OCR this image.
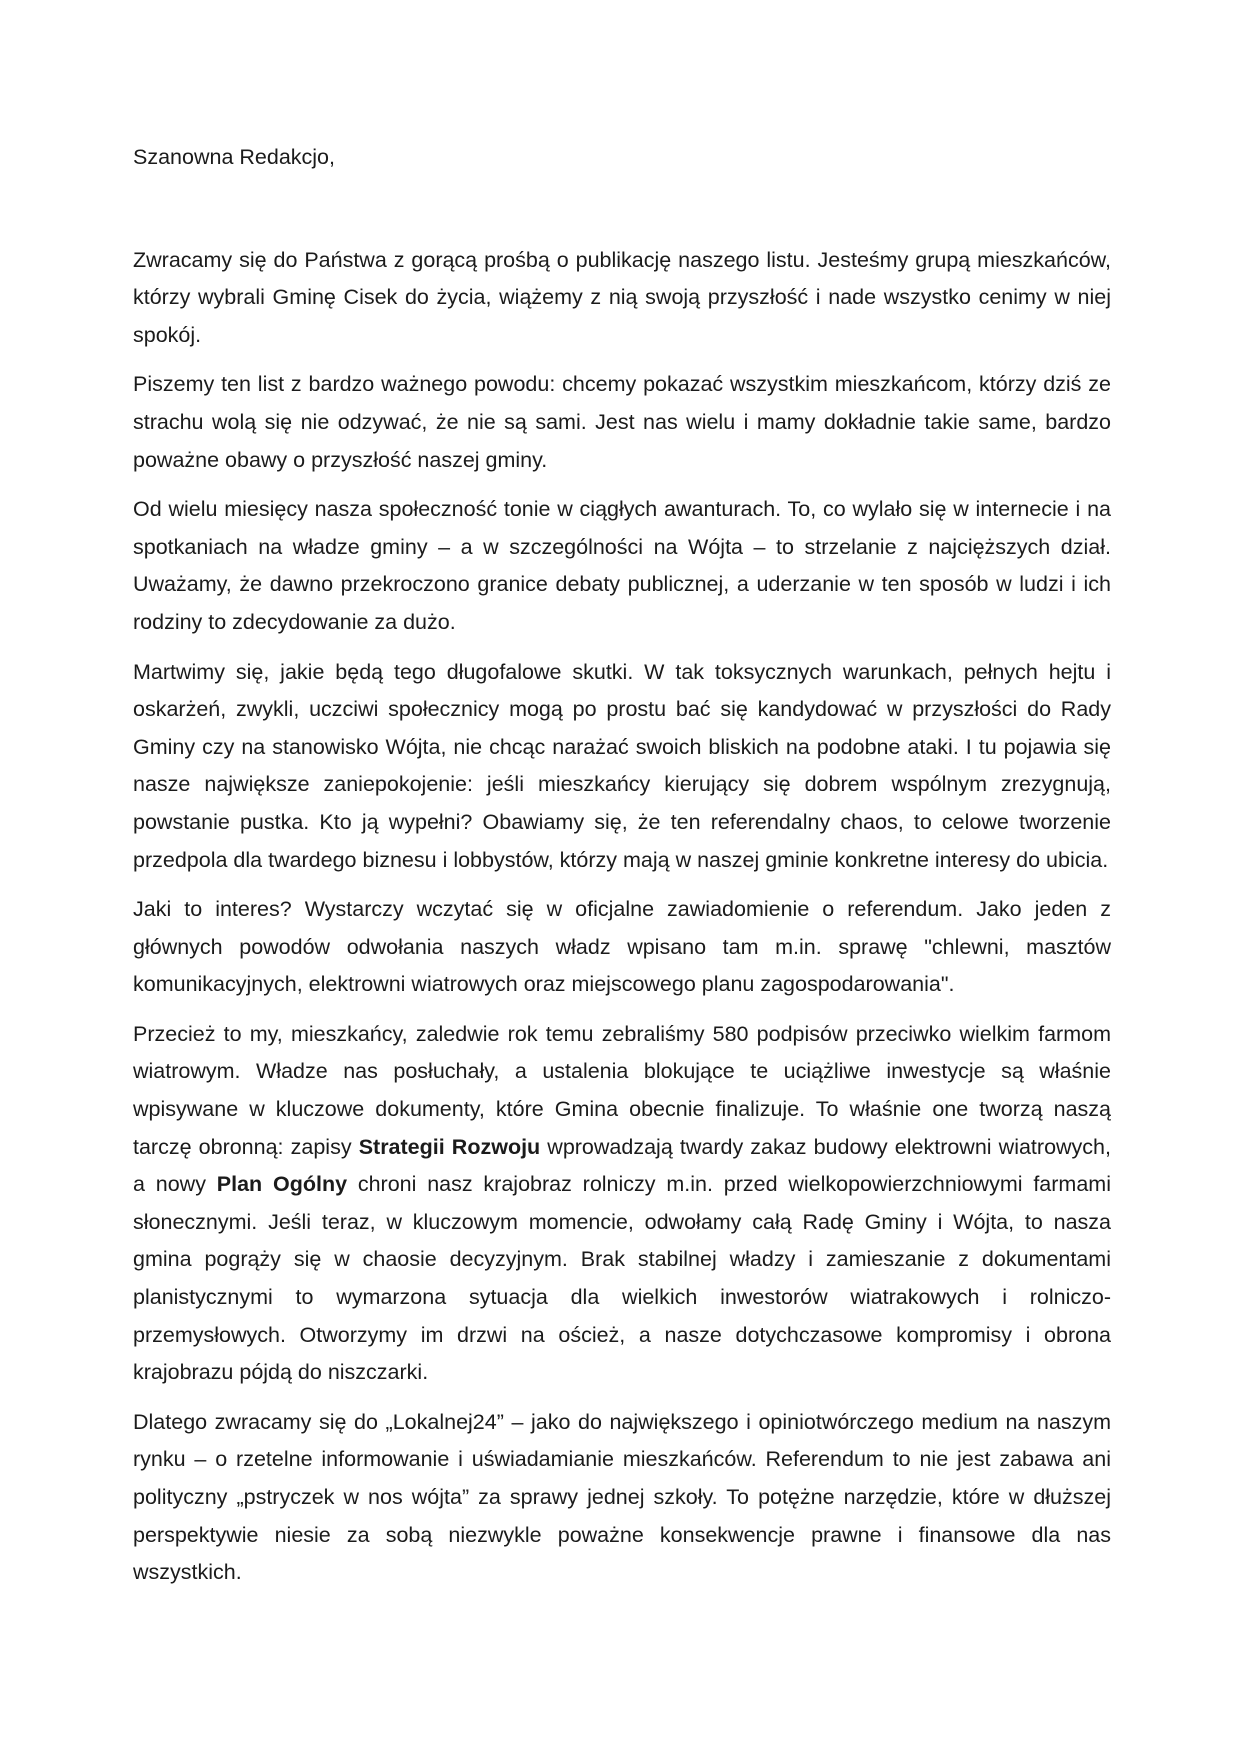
Szanowna Redakcjo,

Zwracamy się do Państwa z gorącą prośbą o publikację naszego listu. Jesteśmy grupą mieszkańców, którzy wybrali Gminę Cisek do życia, wiążemy z nią swoją przyszłość i nade wszystko cenimy w niej spokój.

Piszemy ten list z bardzo ważnego powodu: chcemy pokazać wszystkim mieszkańcom, którzy dziś ze strachu wolą się nie odzywać, że nie są sami. Jest nas wielu i mamy dokładnie takie same, bardzo poważne obawy o przyszłość naszej gminy.

Od wielu miesięcy nasza społeczność tonie w ciągłych awanturach. To, co wylało się w internecie i na spotkaniach na władze gminy – a w szczególności na Wójta – to strzelanie z najcięższych dział. Uważamy, że dawno przekroczono granice debaty publicznej, a uderzanie w ten sposób w ludzi i ich rodziny to zdecydowanie za dużo.

Martwimy się, jakie będą tego długofalowe skutki. W tak toksycznych warunkach, pełnych hejtu i oskarżeń, zwykli, uczciwi społecznicy mogą po prostu bać się kandydować w przyszłości do Rady Gminy czy na stanowisko Wójta, nie chcąc narażać swoich bliskich na podobne ataki. I tu pojawia się nasze największe zaniepokojenie: jeśli mieszkańcy kierujący się dobrem wspólnym zrezygnują, powstanie pustka. Kto ją wypełni? Obawiamy się, że ten referendalny chaos, to celowe tworzenie przedpola dla twardego biznesu i lobbystów, którzy mają w naszej gminie konkretne interesy do ubicia.

Jaki to interes? Wystarczy wczytać się w oficjalne zawiadomienie o referendum. Jako jeden z głównych powodów odwołania naszych władz wpisano tam m.in. sprawę "chlewni, masztów komunikacyjnych, elektrowni wiatrowych oraz miejscowego planu zagospodarowania".

Przecież to my, mieszkańcy, zaledwie rok temu zebraliśmy 580 podpisów przeciwko wielkim farmom wiatrowym. Władze nas posłuchały, a ustalenia blokujące te uciążliwe inwestycje są właśnie wpisywane w kluczowe dokumenty, które Gmina obecnie finalizuje. To właśnie one tworzą naszą tarczę obronną: zapisy Strategii Rozwoju wprowadzają twardy zakaz budowy elektrowni wiatrowych, a nowy Plan Ogólny chroni nasz krajobraz rolniczy m.in. przed wielkopowierzchniowymi farmami słonecznymi. Jeśli teraz, w kluczowym momencie, odwołamy całą Radę Gminy i Wójta, to nasza gmina pogrąży się w chaosie decyzyjnym. Brak stabilnej władzy i zamieszanie z dokumentami planistycznymi to wymarzona sytuacja dla wielkich inwestorów wiatrakowych i rolniczo-przemysłowych. Otworzymy im drzwi na oścież, a nasze dotychczasowe kompromisy i obrona krajobrazu pójdą do niszczarki.

Dlatego zwracamy się do „Lokalnej24” – jako do największego i opiniotwórczego medium na naszym rynku – o rzetelne informowanie i uświadamianie mieszkańców. Referendum to nie jest zabawa ani polityczny „pstryczek w nos wójta” za sprawy jednej szkoły. To potężne narzędzie, które w dłuższej perspektywie niesie za sobą niezwykle poważne konsekwencje prawne i finansowe dla nas wszystkich.
